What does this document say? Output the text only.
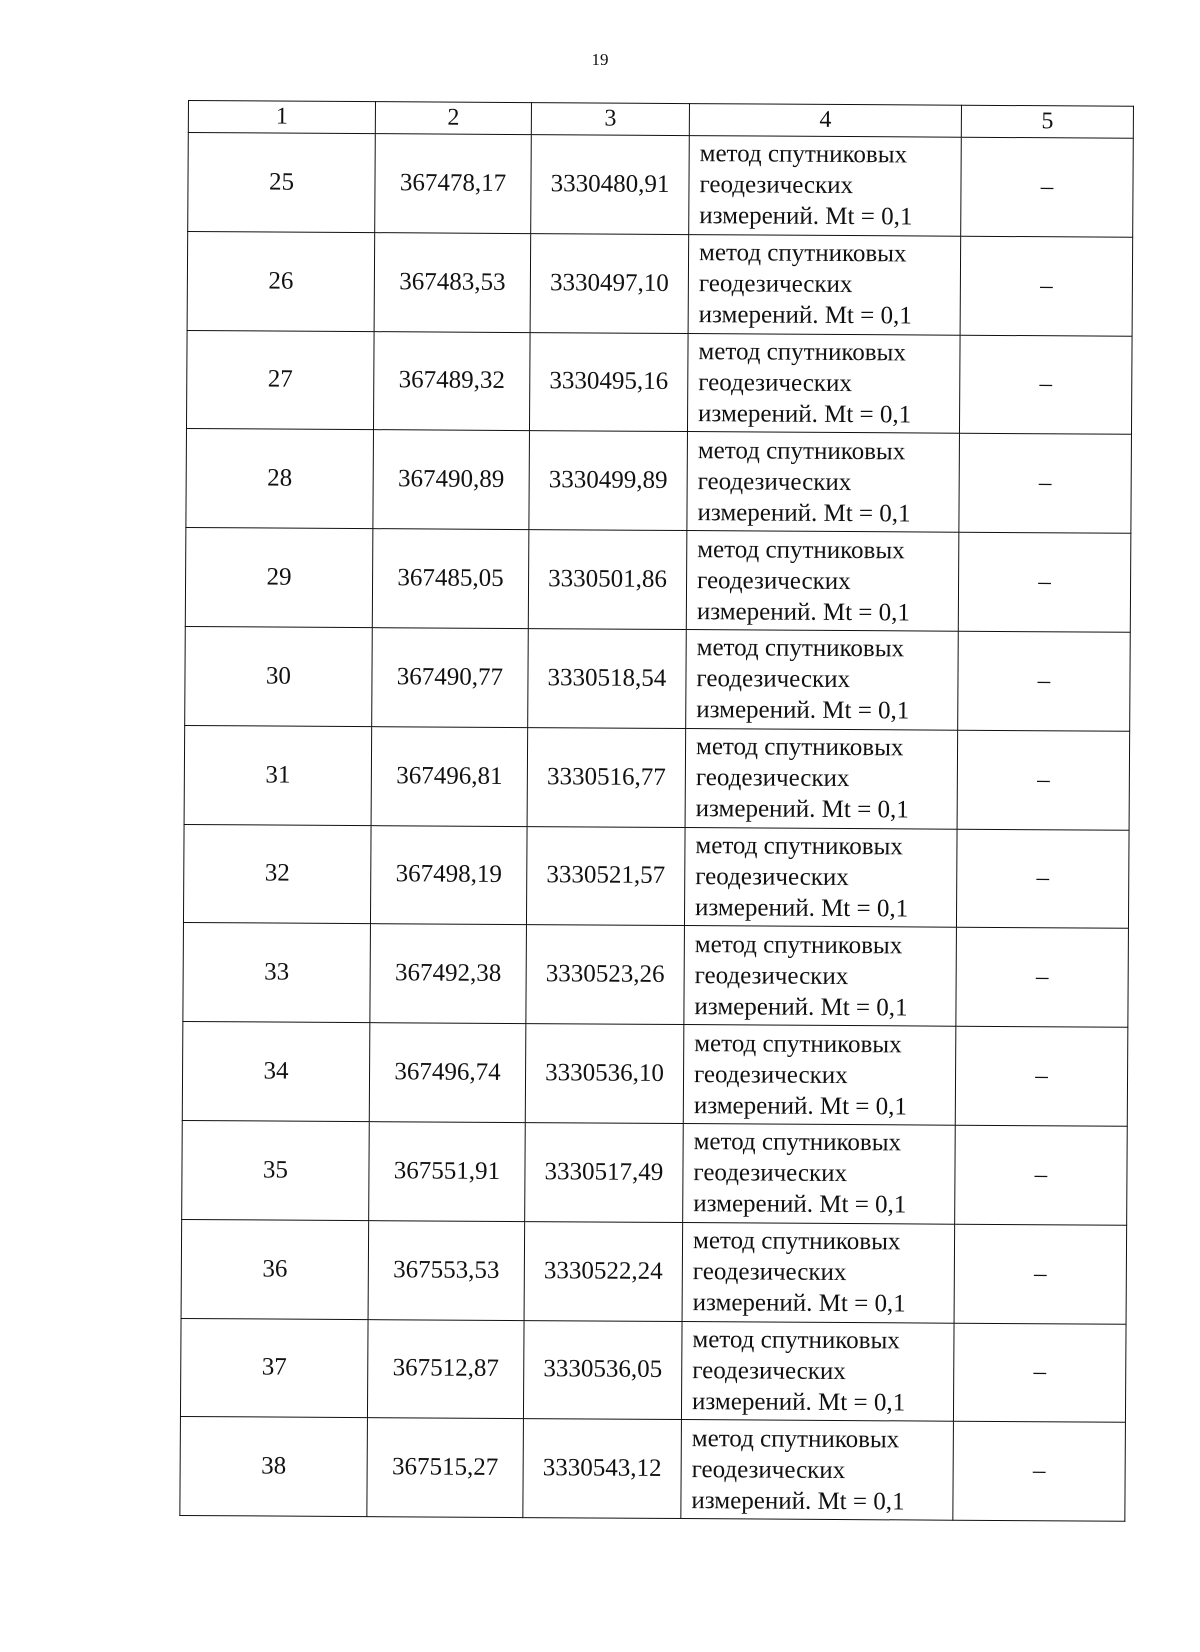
19
1	2	3	4	5
25	367478,17	3330480,91	метод спутниковых
геодезических
измерений. Mt = 0,1	–
26	367483,53	3330497,10	метод спутниковых
геодезических
измерений. Mt = 0,1	–
27	367489,32	3330495,16	метод спутниковых
геодезических
измерений. Mt = 0,1	–
28	367490,89	3330499,89	метод спутниковых
геодезических
измерений. Mt = 0,1	–
29	367485,05	3330501,86	метод спутниковых
геодезических
измерений. Mt = 0,1	–
30	367490,77	3330518,54	метод спутниковых
геодезических
измерений. Mt = 0,1	–
31	367496,81	3330516,77	метод спутниковых
геодезических
измерений. Mt = 0,1	–
32	367498,19	3330521,57	метод спутниковых
геодезических
измерений. Mt = 0,1	–
33	367492,38	3330523,26	метод спутниковых
геодезических
измерений. Mt = 0,1	–
34	367496,74	3330536,10	метод спутниковых
геодезических
измерений. Mt = 0,1	–
35	367551,91	3330517,49	метод спутниковых
геодезических
измерений. Mt = 0,1	–
36	367553,53	3330522,24	метод спутниковых
геодезических
измерений. Mt = 0,1	–
37	367512,87	3330536,05	метод спутниковых
геодезических
измерений. Mt = 0,1	–
38	367515,27	3330543,12	метод спутниковых
геодезических
измерений. Mt = 0,1	–
